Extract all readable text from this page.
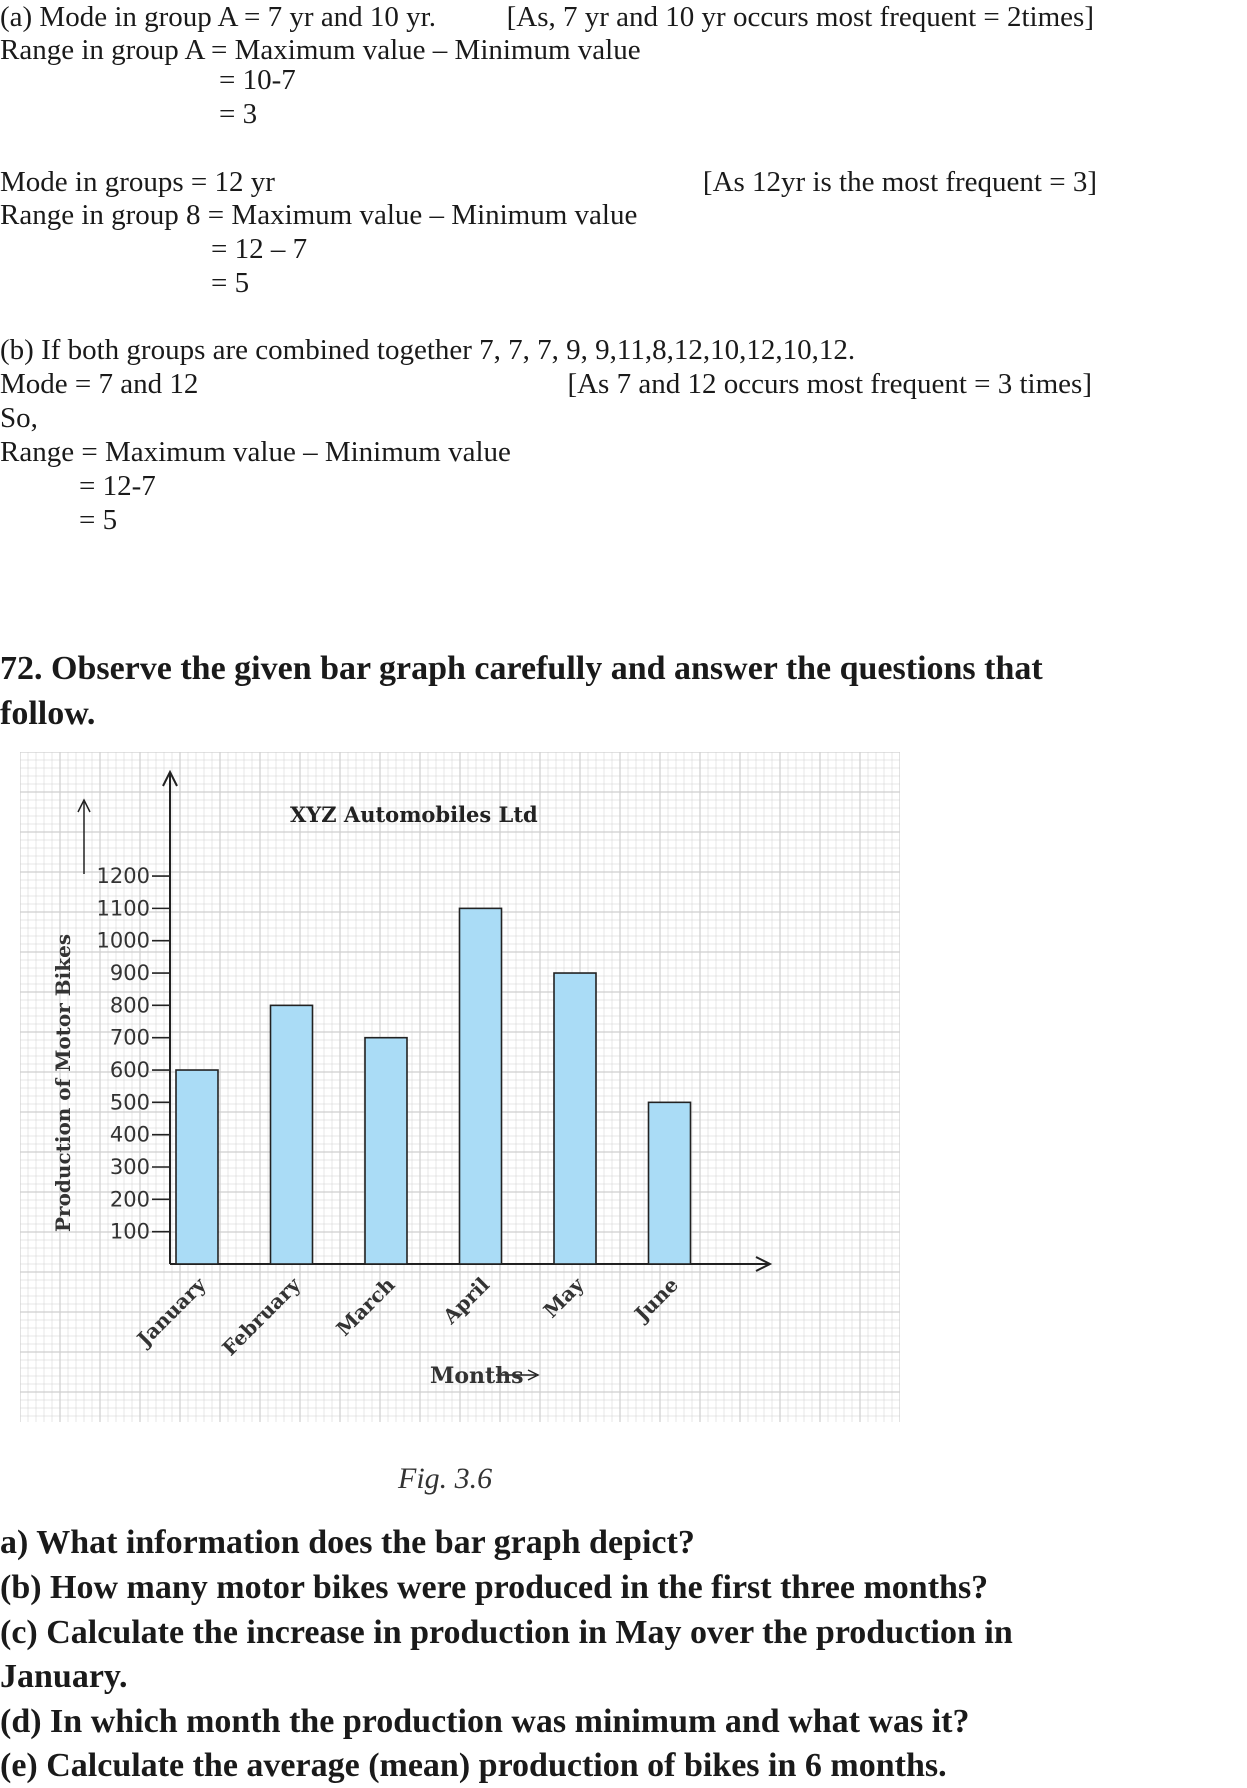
(a) Mode in group A = 7 yr and 10 yr. [As, 7 yr and 10 yr occurs most frequent = 2times]
Range in group A = Maximum value – Minimum value
= 10-7
= 3
Mode in groups = 12 yr	[As 12yr is the most frequent = 3]
Range in group 8 = Maximum value – Minimum value
= 12 – 7
= 5
(b) If both groups are combined together 7, 7, 7, 9, 9,11,8,12,10,12,10,12.
Mode = 7 and 12	[As 7 and 12 occurs most frequent = 3 times]
So,
Range = Maximum value – Minimum value
= 12-7
= 5
72. Observe the given bar graph carefully and answer the questions that
follow.
100
200
300
400
500
600
700
800
900
1000
1100
1200
January February March April May June
XYZ Automobiles Ltd
Production of Motor Bikes
Months
Fig. 3.6
a) What information does the bar graph depict?
(b) How many motor bikes were produced in the first three months?
(c) Calculate the increase in production in May over the production in
January.
(d) In which month the production was minimum and what was it?
(e) Calculate the average (mean) production of bikes in 6 months.
